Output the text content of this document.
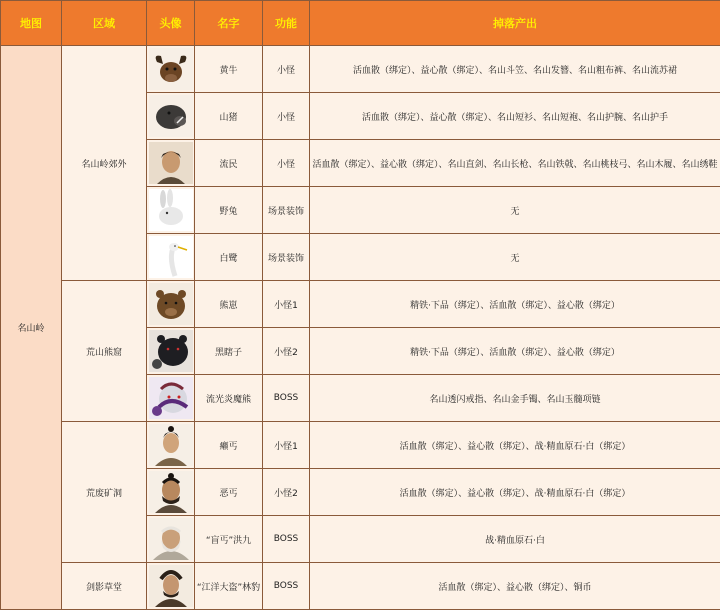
地图	区域	头像	名字	功能	掉落产出
名山岭	名山岭郊外		黄牛	小怪	活血散（绑定）、益心散（绑定）、名山斗笠、名山发簪、名山粗布裤、名山流苏裙

	山猪	小怪	活血散（绑定）、益心散（绑定）、名山短衫、名山短袍、名山护腕、名山护手

	流民	小怪	活血散（绑定）、益心散（绑定）、名山直剑、名山长枪、名山铁戟、名山桃枝弓、名山木履、名山绣鞋

	野兔	场景装饰	无

	白鹭	场景装饰	无
	荒山熊窟		熊崽	小怪1	精铁·下品（绑定）、活血散（绑定）、益心散（绑定）

	黑瞎子	小怪2	精铁·下品（绑定）、活血散（绑定）、益心散（绑定）

	流光炎魔熊	BOSS	名山透闪戒指、名山金手镯、名山玉髓项链
	荒废矿洞		癞丐	小怪1	活血散（绑定）、益心散（绑定）、战·精血原石·白（绑定）

	恶丐	小怪2	活血散（绑定）、益心散（绑定）、战·精血原石·白（绑定）

	“盲丐”洪九	BOSS	战·精血原石·白
	剑影草堂		“江洋大盗”林豹	BOSS	活血散（绑定）、益心散（绑定）、铜币
